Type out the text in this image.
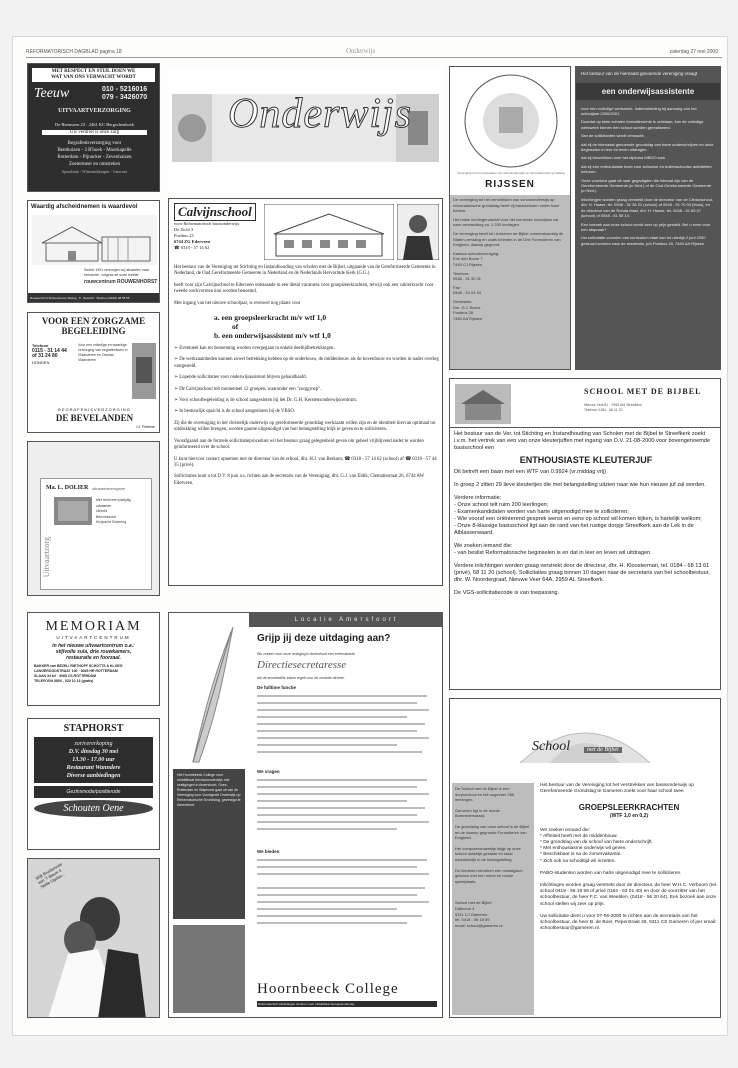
REFORMATORISCH DAGBLAD pagina 18	Onderwijs	zaterdag 27 mei 2000
MET RESPECT EN STIJL DOEN WE
WAT VAN ONS VERWACHT WORDT
Teeuw	010 - 5216016
079 - 3426070
UITVAARTVERZORGING
De Riemsoen 23 · 2461 KC Bergschenhoek
Uw verdriet is onze zorg
Begrafenisverzorging voor
Benthuizen - 3 R'hoek - Moerkapelle
Rotterdam - Pijnacker - Zevenhuizen
Zoetermeer en omstreken
Spaarbank - Wittenstikkingen - Gaterean
Waardig afscheidnemen is waardevol
Sedert 1991 verzorgen wij uitvaarten naar behoeven, volgens de oude traditie
rouwcentrum ROUWENHORST
Rouwenhorst Schoonhoven Zijweg · 8 · Beloofd · Telefoon (0182) 38 55 55
VOOR EEN ZORGZAME
BEGELEIDING
Telefoon
0115 - 31 14 44
of 31 24 80
HONDEN
Voor een volledige en waardige verzorging van begrafenissen in Vlaanderen en Zeeuws Vlaanderen
BEGRAFENISVERZORGING
DE BEVELANDEN
J.J. Pieterse
Ma. L. DOLIER uitvaartverzorgster
Uitvaartzorg
Met recht een partijdig
uitvaarten
Utrecht
Benzinezone
Kruipacht Ondering
MEMORIAM
UITVAARTCENTRUM
in het nieuwe uitvaartcentrum o.a.:
stijlvolle sula, drie rouwkamers,
restauratie en foorzaal.
BAKKER van BEZELI RIETHOFF SCHOTTS & KLOEG
LANGEROODSTRAAT 100 · 3065 HR ROTTERDAM
SLAAN 34 tel · 3065 CS ROTTERDAM
TELEFOON 0800 - 023 10 13 (gratis)
STAPHORST
zorivererkoping
D.V. dinsdag 30 mei
13.30 - 17.00 uur
Restaurant Wanndere
Diverse aanbiedingen
Gezinsmode/positierode
Schouten Oene
Wijk Bruidsmode aan 'T Blauw 5 Stelfe Ogelse...
Onderwijs
Vereniging tot het verstrekken van schoolonderwijs op reformatorische grondslag
RIJSSEN

De vereniging tot het verstrekken van schoolonderwijs op reformatorische grondslag heeft vij basisscholen onder haar beheer.

Het totale leerlingenaantal voor het komende schooljaar zal naar verwachting ca. 1.330 bedragen.

De vereniging heeft tot richtsnoer de Bijbel overeenkomstig de Staten-vertaling en zoals beleden in de Drie Formulieren van Enigheid, daarop gegrond.

Kantoor schoolvereniging:

Enk den Boom 7

7463 CJ Rijssen

Telefoon:

0548 - 51 30 31

Fax:

0548 - 54 04 34

Secretaris:

Drs. G.J. Bruns

Postbus 28

7460 AA Rijssen

Het bestuur van de hiernaast genoemde vereniging vraagt

een onderwijsassistente

voor een volledige werkweek. Indiensttreding bij aanvang van het schooljaar 2000/2001.

Doordat op twee scholen formatieruimte is ontstaan, kan de volledige werkweek binnen één school worden gerealiseerd.

Van de sollicitanten wordt verwacht:

dat zij de hiernaast genoemde grondslag van harte onderschrijven en deze beginselen in leer en leven uitdragen.

dat zij beschikken over het diploma MBGO-sow

dat zij een enthousiaste inzet voor schoolse en buitenschoolse activiteiten betonen.

Onze voorkeur gaat uit naar gegadigden die lidmaat zijn van de Gereformeerde Gemeente (in Ned.) of de Oud Gereformeerde Gemeente (in Ned.).

Inlichtingen worden graag verstrekt door de directeur van de Clinturschool, dhr. H. Haase, tel. 0548 - 51 36 21 (school) of 0548 - 51 70 03 (thuis), en de directeur van de Ronda Mast, dhr. H. Hasse, tel. 0548 - 51 85 07 (school) of 0548 - 51 55 14.

Een bezoek aan onze school wordt zeer op prijs gesteld. Bel u even voor een afspraak?

Uw sollicitatie voorzien van curriculum vitae kan tot uiterlijk 2 juni 2000 gestuurd worden naar de secretaris, p/a Postbus 28, 7460 AA Rijssen

Calvijnschool
voor Reformatorisch basisonderwijs
De Zicht 3
Postbus 23
6744 ZG Ederveen
☎ 0318 - 57 14 62

Het bestuur van de Vereniging tot Stichting en Instandhouding van scholen met de Bijbel, uitgaande van de Gereformeerde Gemeente in Nederland, de Oud Gereformeerde Gemeente in Nederland en de Nederlands Hervormde Kerk (G.G.)

heeft voor zijn Calvijnschool te Ederveen ontstaande in een dietal vacatures voor groepsleerkrachten, terwijl ook een vaklerkracht voor tweede werkvormen kon worden benoemd.

Met ingang van het nieuwe schooljaar, is evenwel nog plaats voor

a. een groepsleerkracht m/v wtf 1,0
of
b. een onderwijsassistent m/v wtf 1,0

➢ Eventueel kan tot benoeming worden overgegaan in enkele deeltijdbetrekkingen.

➢ De werkzaamheden kunnen zowel betrekking hebben op de onderbouw, de middenbouw als de bovenbouw en worden in nader overleg vastgesteld.

➢ Lopende sollicitaties voor onderwijsassistent blijven gehandhaafd.

➢ De Calvijnschool telt momenteel 12 groepen, waaronder een "zorggroep".

➢ Voor schoolbegeleiding is de school aangesloten bij het Dr. G.H. Kerstensonderwijscentrum.

➢ In bestuurlijk opzicht is de school aangesloten bij de VBSO.

Zij die de overtuiging in het christelijk onderwijs op gereformeerde grondslag werkzaam willen zijn en de identiteit hiervan optimaal tot uitdrukking willen brengen, worden gaarne uitgenodigd van hun belangstelling blijk te geven en te solliciteren.

Voorafgaand aan de formele sollicitatieprocedure wil het bestuur graag gelegenheid geven om geheel vrijblijvend nader te worden geïnformeerd over de school.

U kunt hiervoor contact opnemen met de directeur van de school, dhr. H.J. van Berkum, ☎ 0318 - 57 14 62 (school) of ☎ 0318 - 57 44 35 (privé).

Sollicitaties kunt u tot D.V. 8 juni a.s. richten aan de secretaris van de Vereniging, dhr. G.J. van Eldik, Clematisstraat 26, 6744 AW Ederveen.

Locatie Amersfoort
Het Hoornbeeck College voor middelbaar beroepsonderwijs met vestigingen in Amersfoort, Goes, Rotterdam en Staphorst gaat uit van de Vereniging voor Voortgezet Onderwijs op Reformatorische Grondslag, gevestigd te Amersfoort.
Grijp jij deze uitdaging aan?
We zoeken voor onze vestiging in Amersfoort een enthousiaste
Directiesecretaresse
die de secretariële zaken regelt voor de centrale directie.
De fulltime functie
We vragen
We bieden
Hoornbeeck College
Reformatorisch Opleidingen Centrum voor middelbaar beroepsonderwijs
SCHOOL MET DE BIJBEL
Nieuwe Vest 81 · 2959 AM Streefkerk
Telefoon 0184 - 68 11 20

Het bestuur van de Ver. tot Stichting en Instandhouding van Scholen met de Bijbel te Streefkerk zoekt i.v.m. het vertrek van een van onze kleuterjuffen met ingang van D.V. 21-08-2000 voor bovengenoemde basisschool een

ENTHOUSIASTE KLEUTERJUF

Dit betreft een baan met een WTF van 0.9924 (vr.middag vrij)

In groep 2 zitten 29 lieve kleutertjes die met belangstelling uitzien naar wie hun nieuwe juf zal worden.

Verdere informatie:

- Onze school telt ruim 200 leerlingen;

- Examenkandidaten worden van harte uitgenodigd mee te solliciteren;

- Wie vooraf een oriënterend gesprek wenst en eens op school wil komen kijken, is hartelijk welkom;

- Onze 8-klassige basisschool ligt aan de rand van het rustige dorpje Streefkerk aan de Lek in de Alblasserwaard.

We zoeken iemand die:

- van beslist Reformatorische beginselen is en dat in leer en leven wil uitdragen.

Verdere inlichtingen worden graag verstrekt door de directeur, dhr. H. Kloosterman, tel. 0184 - 68 13 61 (privé), 68 11 20 (school). Sollicitaties graag binnen 10 dagen naar de secretaris van het schoolbestuur, dhr. W. Noordergraaf, Nieuwe Veer 64A, 2959 AL Streefkerk.

De VGS-sollicitatiecode is van toepassing.

School	met de Bijbel

De School met de Bijbel is een dorpsschool en telt ongeveer 250 leerlingen.

Gameren ligt in de mooie Bommelerwaard.

De grondslag van onze school is de Bijbel en de daarop gegronde Formulieren van Enigheid.

Het computeronderwijs krijgt op onze school duidelijk gestalte en staat nadrukkelijk in de belangstelling.

De kinderen bevolken een nostalgisch gebouw met een ruime en mooie speelplaats.

School met de Bijbel

Dalborch 4

5311 CJ Gameren

tel. 0418 - 56 18 59

email: school@gameren.nl

Het bestuur van de Vereniging tot het verstrekken van basisonderwijs op Gereformeerde Grondslag te Gameren zoekt voor haar school twee

GROEPSLEERKRACHTEN

(WTF 1,0 en 0,2)

We zoeken iemand die:

* Affiniteit heeft met de middenbouw.

* De grondslag van de school van harte onderschrijft.

* Met enthousiasme onderwijs wil geven.

* Beschikbaar is na de zomervakantie.

* Zich ook na schooltijd wil inzetten.

PABO-studenten worden van harte uitgenodigd mee te solliciteren.

Inlichtingen worden graag verstrekt door de directeur, de heer W.H.C. Verboom (tel. school 0418 - 56 18 59 of privé 0184 - 63 01 40) en door de voorzitter van het schoolbestuur, de heer F.C. van Weelden, (0418 - 56 20 64). Een bezoek aan onze school stellen wij zeer op prijs.

Uw sollicitatie dient u voor 07-06-2000 te richten aan de secretaris van het schoolbestuur, de heer B. de Boer, Peperstraat 29, 5311 CS Gameren of per email: schoolbestuur@gameren.nl.
